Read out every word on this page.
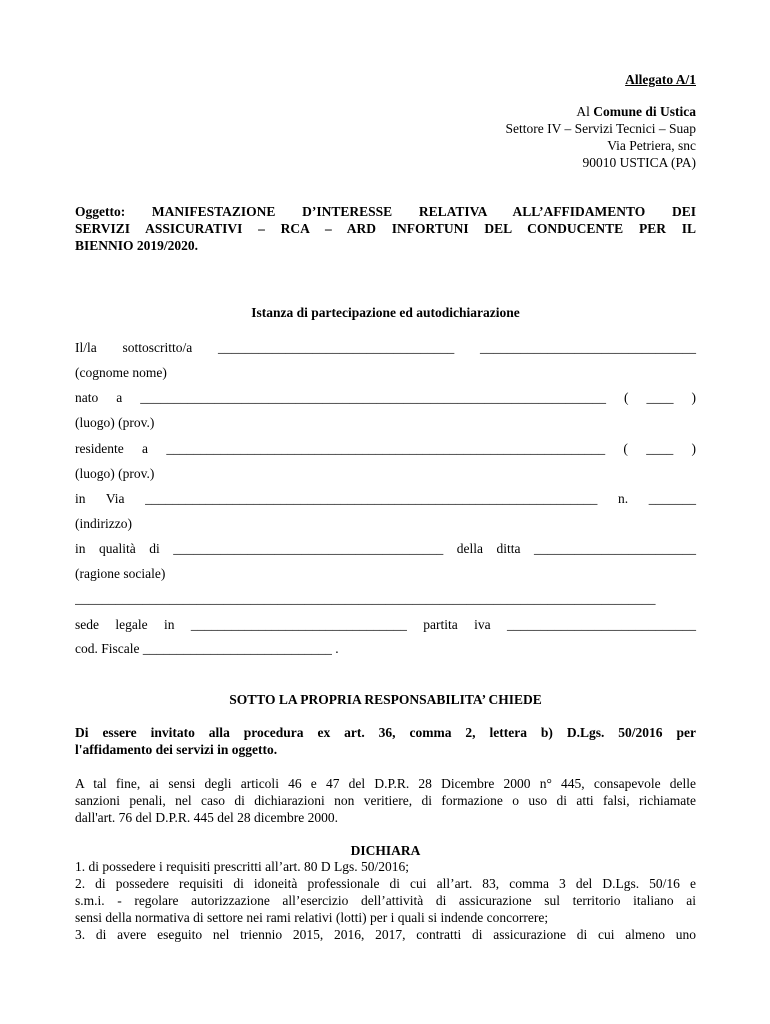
Allegato A/1
Al Comune di Ustica
Settore IV – Servizi Tecnici – Suap
Via Petriera, snc
90010 USTICA (PA)
Oggetto: MANIFESTAZIONE D’INTERESSE RELATIVA ALL’AFFIDAMENTO DEI
SERVIZI ASSICURATIVI – RCA – ARD INFORTUNI DEL CONDUCENTE PER IL
BIENNIO 2019/2020.
Istanza di partecipazione ed autodichiarazione
Il/la sottoscritto/a ___________________________________ ________________________________
(cognome nome)
nato a _____________________________________________________________________ ( ____ )
(luogo) (prov.)
residente a _________________________________________________________________ ( ____ )
(luogo) (prov.)
in Via ___________________________________________________________________ n. _______
(indirizzo)
in qualità di ________________________________________ della ditta ________________________
(ragione sociale)
______________________________________________________________________________________
sede legale in ________________________________ partita iva ____________________________
cod. Fiscale ____________________________ .
SOTTO LA PROPRIA RESPONSABILITA’ CHIEDE
Di essere invitato alla procedura ex art. 36, comma 2, lettera b) D.Lgs. 50/2016 per
l'affidamento dei servizi in oggetto.
A tal fine, ai sensi degli articoli 46 e 47 del D.P.R. 28 Dicembre 2000 n° 445, consapevole delle
sanzioni penali, nel caso di dichiarazioni non veritiere, di formazione o uso di atti falsi, richiamate
dall'art. 76 del D.P.R. 445 del 28 dicembre 2000.
DICHIARA
1. di possedere i requisiti prescritti all’art. 80 D Lgs. 50/2016;
2. di possedere requisiti di idoneità professionale di cui all’art. 83, comma 3 del D.Lgs. 50/16 e
s.m.i. - regolare autorizzazione all’esercizio dell’attività di assicurazione sul territorio italiano ai
sensi della normativa di settore nei rami relativi (lotti) per i quali si indende concorrere;
3. di avere eseguito nel triennio 2015, 2016, 2017, contratti di assicurazione di cui almeno uno
